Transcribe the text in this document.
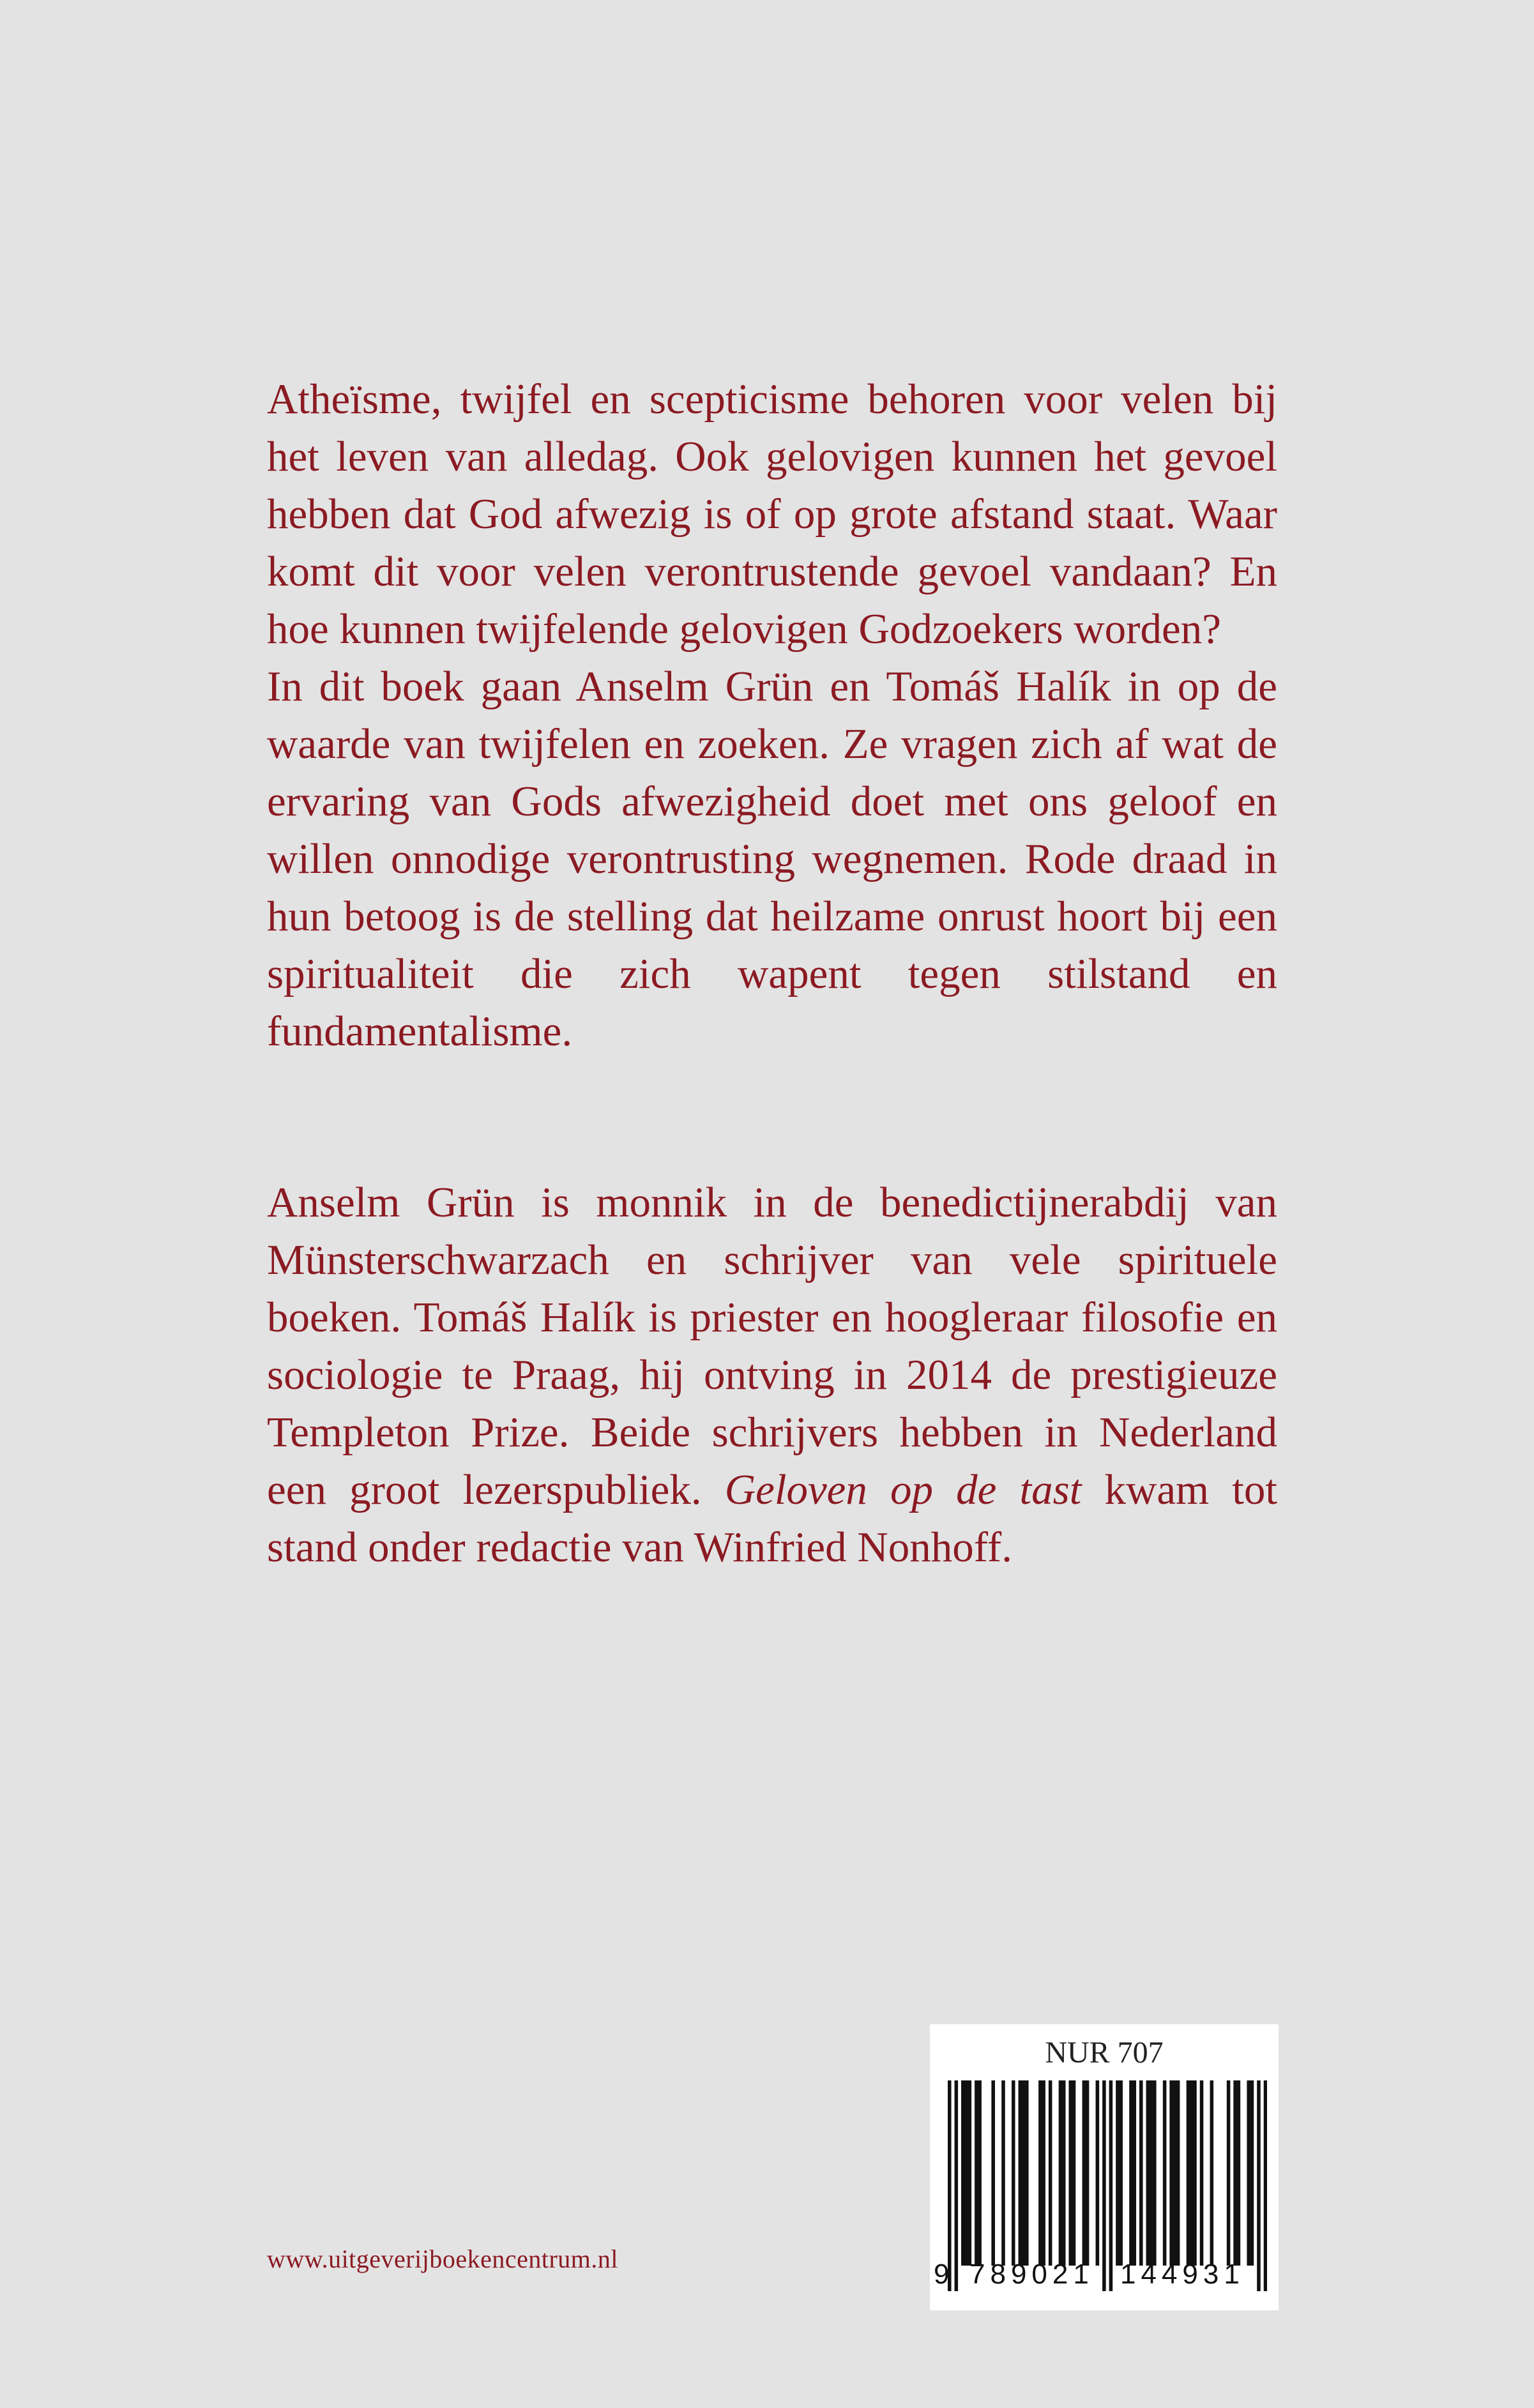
Atheïsme, twijfel en scepticisme behoren voor velen bij het leven van alledag. Ook gelovigen kunnen het gevoel hebben dat God afwezig is of op grote afstand staat. Waar komt dit voor velen verontrustende gevoel vandaan? En hoe kunnen twijfelende gelovigen Godzoekers worden?

In dit boek gaan Anselm Grün en Tomáš Halík in op de waarde van twijfelen en zoeken. Ze vragen zich af wat de ervaring van Gods afwezigheid doet met ons geloof en willen onnodige verontrusting wegnemen. Rode draad in hun betoog is de stelling dat heilzame onrust hoort bij een spiritualiteit die zich wapent tegen stilstand en fundamentalisme.

Anselm Grün is monnik in de benedictijnerabdij van Münsterschwarzach en schrijver van vele spirituele boeken. Tomáš Halík is priester en hoogleraar filosofie en sociologie te Praag, hij ontving in 2014 de prestigieuze Templeton Prize. Beide schrijvers hebben in Nederland een groot lezerspubliek. Geloven op de tast kwam tot stand onder redactie van Winfried Nonhoff.

www.uitgeverijboekencentrum.nl
NUR 707
9 789021 144931
